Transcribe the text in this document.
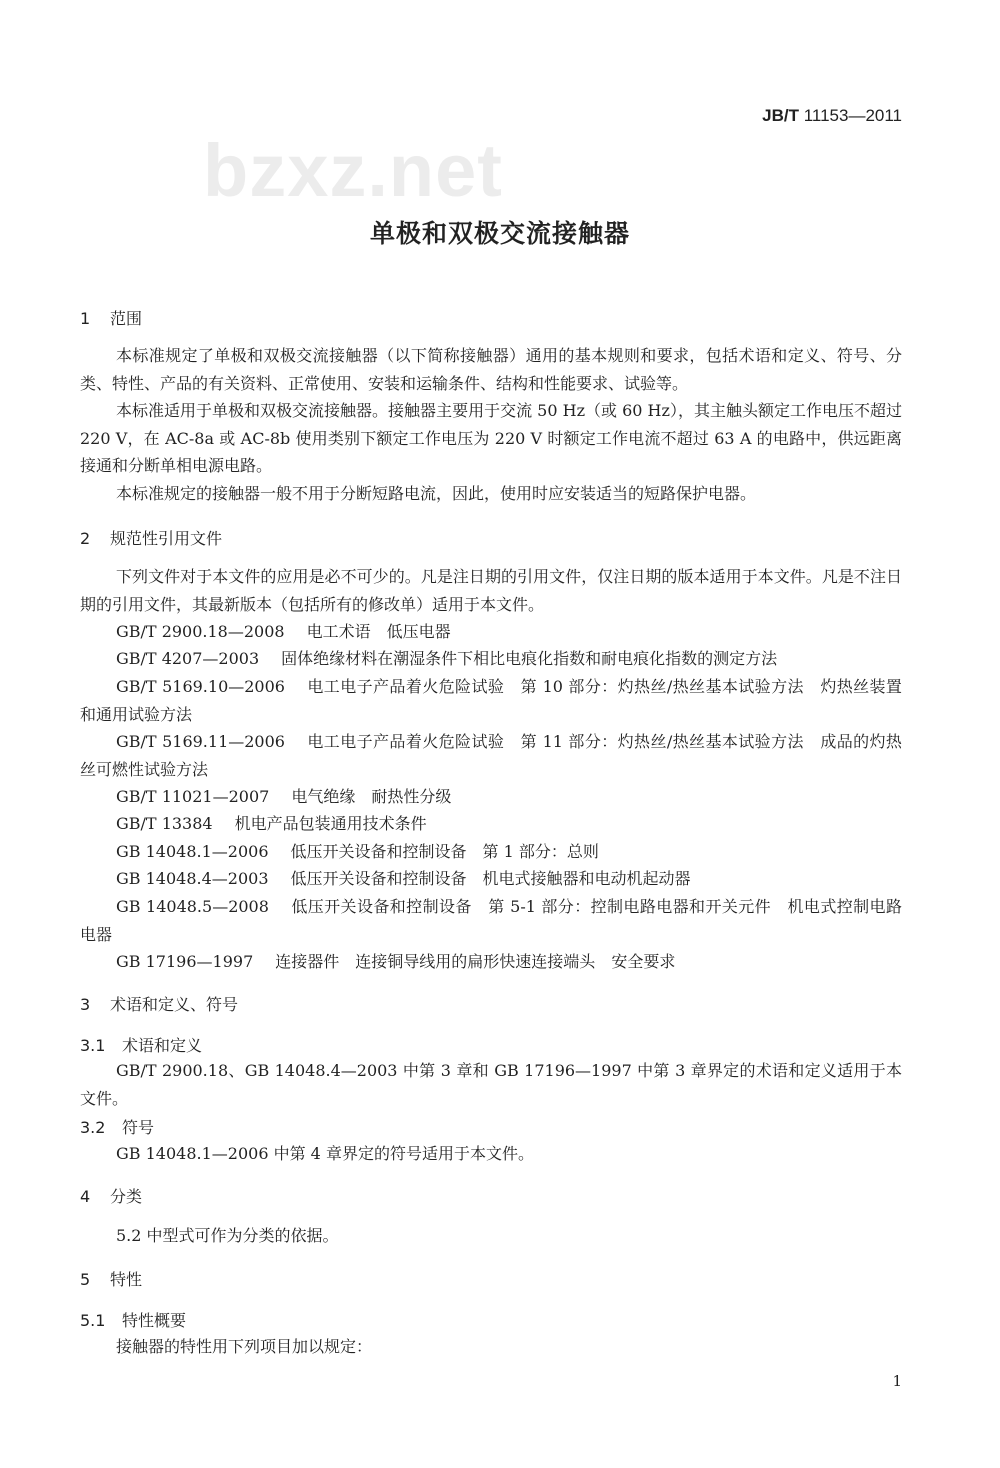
JB/T 11153—2011
bzxz.net
单极和双极交流接触器
1 范围
本标准规定了单极和双极交流接触器（以下简称接触器）通用的基本规则和要求，包括术语和定义、符号、分类、特性、产品的有关资料、正常使用、安装和运输条件、结构和性能要求、试验等。
本标准适用于单极和双极交流接触器。接触器主要用于交流 50 Hz（或 60 Hz），其主触头额定工作电压不超过 220 V，在 AC-8a 或 AC-8b 使用类别下额定工作电压为 220 V 时额定工作电流不超过 63 A 的电路中，供远距离接通和分断单相电源电路。
本标准规定的接触器一般不用于分断短路电流，因此，使用时应安装适当的短路保护电器。
2 规范性引用文件
下列文件对于本文件的应用是必不可少的。凡是注日期的引用文件，仅注日期的版本适用于本文件。凡是不注日期的引用文件，其最新版本（包括所有的修改单）适用于本文件。
GB/T 2900.18—2008 电工术语 低压电器
GB/T 4207—2003 固体绝缘材料在潮湿条件下相比电痕化指数和耐电痕化指数的测定方法
GB/T 5169.10—2006 电工电子产品着火危险试验 第 10 部分：灼热丝/热丝基本试验方法 灼热丝装置和通用试验方法
GB/T 5169.11—2006 电工电子产品着火危险试验 第 11 部分：灼热丝/热丝基本试验方法 成品的灼热丝可燃性试验方法
GB/T 11021—2007 电气绝缘 耐热性分级
GB/T 13384 机电产品包装通用技术条件
GB 14048.1—2006 低压开关设备和控制设备 第 1 部分：总则
GB 14048.4—2003 低压开关设备和控制设备 机电式接触器和电动机起动器
GB 14048.5—2008 低压开关设备和控制设备 第 5-1 部分：控制电路电器和开关元件 机电式控制电路电器
GB 17196—1997 连接器件 连接铜导线用的扁形快速连接端头 安全要求
3 术语和定义、符号
3.1 术语和定义
GB/T 2900.18、GB 14048.4—2003 中第 3 章和 GB 17196—1997 中第 3 章界定的术语和定义适用于本文件。
3.2 符号
GB 14048.1—2006 中第 4 章界定的符号适用于本文件。
4 分类
5.2 中型式可作为分类的依据。
5 特性
5.1 特性概要
接触器的特性用下列项目加以规定：
1
